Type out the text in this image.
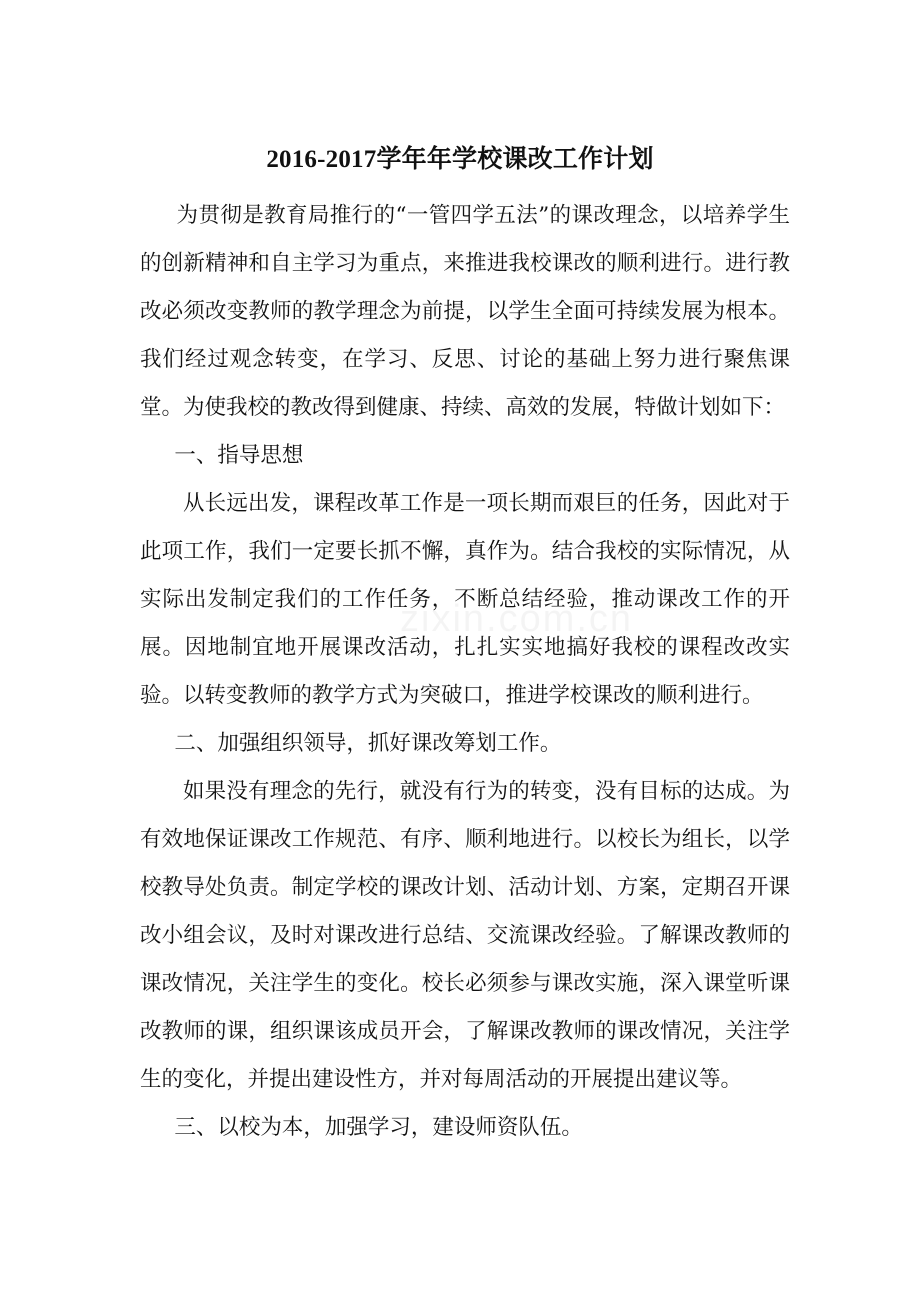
2016-2017学年年学校课改工作计划

为贯彻是教育局推行的“一管四学五法”的课改理念，以培养学生的创新精神和自主学习为重点，来推进我校课改的顺利进行。进行教改必须改变教师的教学理念为前提，以学生全面可持续发展为根本。我们经过观念转变，在学习、反思、讨论的基础上努力进行聚焦课堂。为使我校的教改得到健康、持续、高效的发展，特做计划如下：

一、指导思想

从长远出发，课程改革工作是一项长期而艰巨的任务，因此对于此项工作，我们一定要长抓不懈，真作为。结合我校的实际情况，从实际出发制定我们的工作任务，不断总结经验，推动课改工作的开展。因地制宜地开展课改活动，扎扎实实地搞好我校的课程改改实验。以转变教师的教学方式为突破口，推进学校课改的顺利进行。

二、加强组织领导，抓好课改筹划工作。

如果没有理念的先行，就没有行为的转变，没有目标的达成。为有效地保证课改工作规范、有序、顺利地进行。以校长为组长，以学校教导处负责。制定学校的课改计划、活动计划、方案，定期召开课改小组会议，及时对课改进行总结、交流课改经验。了解课改教师的课改情况，关注学生的变化。校长必须参与课改实施，深入课堂听课改教师的课，组织课该成员开会，了解课改教师的课改情况，关注学生的变化，并提出建设性方，并对每周活动的开展提出建议等。

三、以校为本，加强学习，建设师资队伍。
